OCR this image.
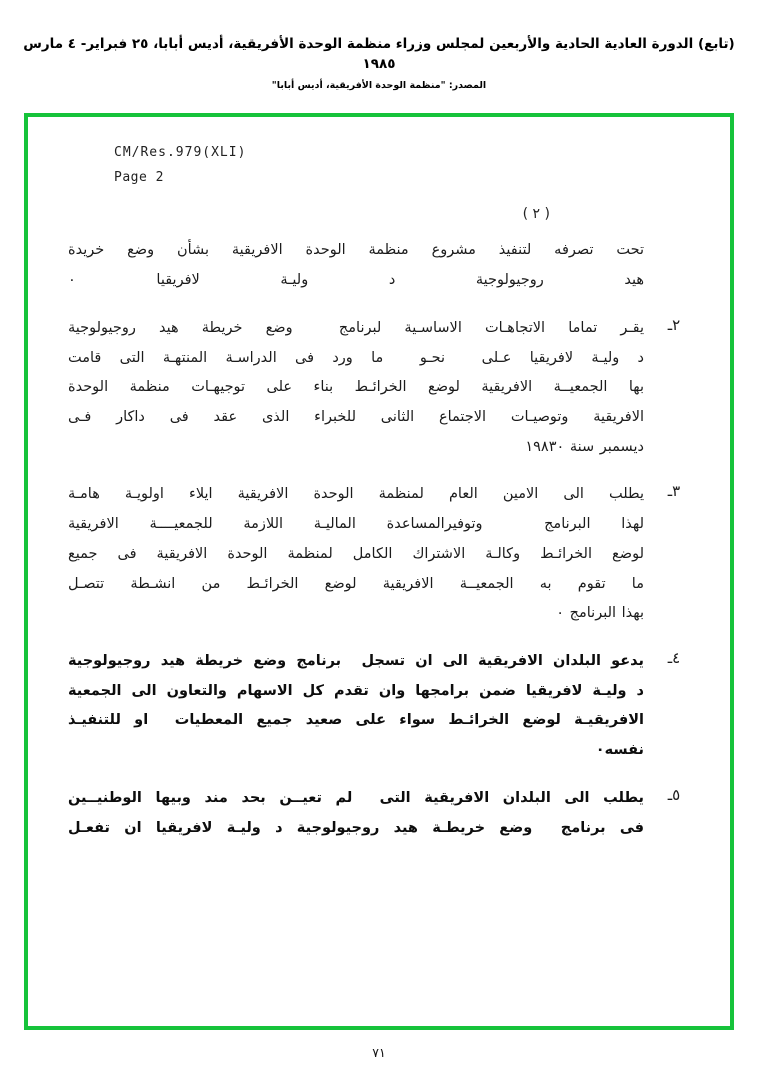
(تابع) الدورة العادية الحادية والأربعين لمجلس وزراء منظمة الوحدة الأفريقية، أديس أبابا، ٢٥ فبراير- ٤ مارس ١٩٨٥
المصدر: "منظمة الوحدة الأفريقية، أديس أبابا"
CM/Res.979(XLI)
Page 2
( ٢ )
تحت تصرفه لتنفيذ مشروع منظمة الوحدة الافريقية بشأن وضع خريدة
هيد روجيولوجية د وليـة لافريقيا ٠
٢ـ
يقـر تماما الاتجاهـات الاساسـية لبرنامج  وضع خريطة هيد روجيولوجية
د وليـة لافريقيا عـلى  نحـو  ما ورد فى الدراسـة المنتهـة التى قامت
بها الجمعيــة الافريقية لوضع الخرائـط بناء على توجيهـات منظمة الوحدة
الافريقية وتوصيـات الاجتماع الثانى للخبراء الذى عقد فى داكار فـى
ديسمبر سنة ١٩٨٣٠
٣ـ
يطلب الى الامين العام لمنظمة الوحدة الافريقية ايلاء اولويـة هامـة
لهذا البرنامج  وتوفيرالمساعدة الماليـة اللازمة للجمعيــــة الافريقية
لوضع الخرائـط وكالـة الاشتراك الكامل لمنظمة الوحدة الافريقية فى جميع
ما تقوم به الجمعيــة الافريقية لوضع الخرائـط من انشـطة تتصـل
بهذا البرنامج ٠
٤ـ
يدعو البلدان الافريقية الى ان تسجل  برنامج وضع خريطة هيد روجيولوجية
د وليـة لافريقيا ضمن برامجها وان تقدم كل الاسهام والتعاون الى الجمعية
الافريقيـة لوضع الخرائـط سواء على صعيد جميع المعطيات  او للتنفيـذ
نفسه٠
٥ـ
يطلب الى البلدان الافريقية التى  لم تعيــن بحد مند وبيها الوطنيــين
فى برنامج  وضع خريطـة هيد روجيولوجية د وليـة لافريقيا ان تفعـل
٧١
